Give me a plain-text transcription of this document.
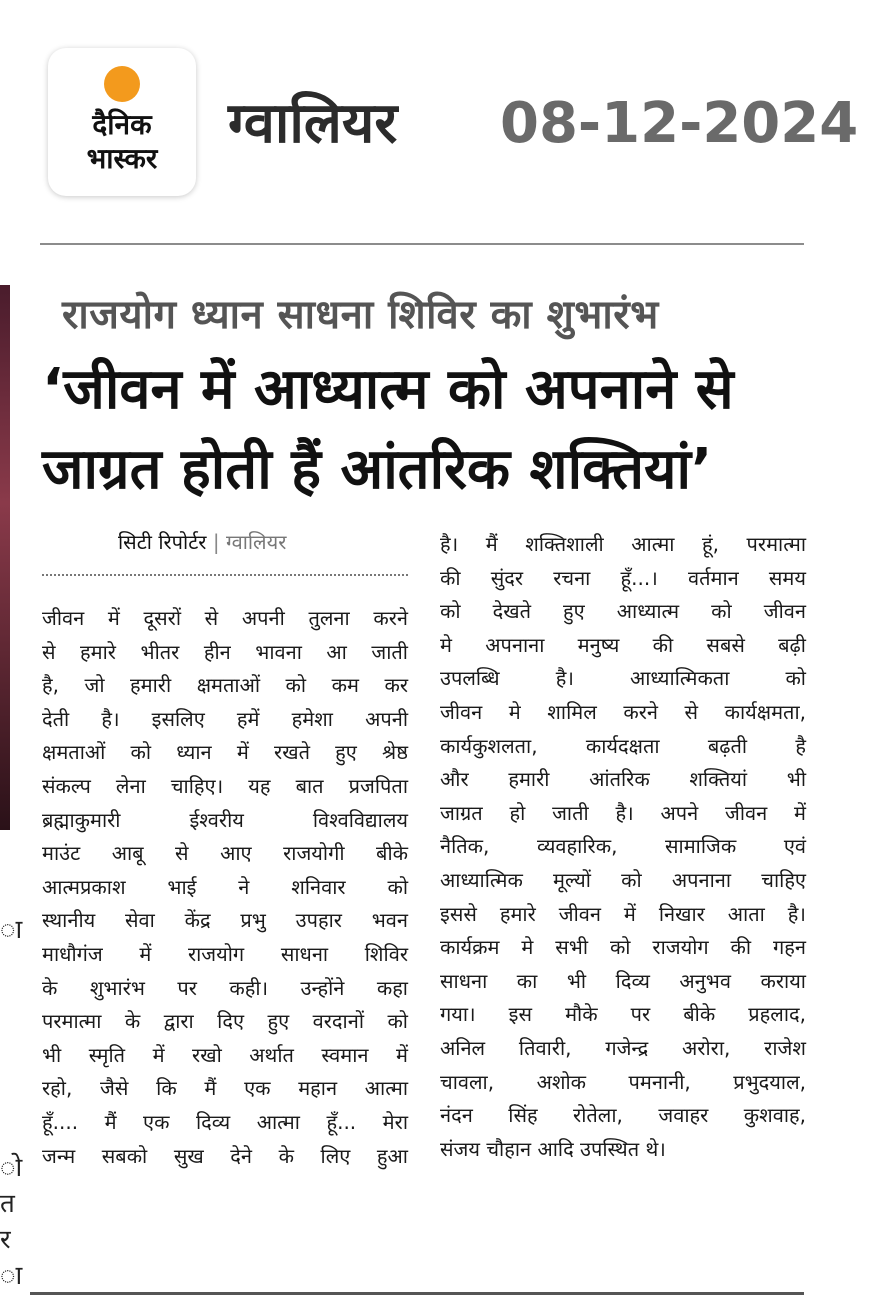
दैनिक
भास्कर
ग्वालियर 08-12-2024
ा
ो
त
र
ा
राजयोग ध्यान साधना शिविर का शुभारंभ
‘जीवन में आध्यात्म को अपनाने से
जाग्रत होती हैं आंतरिक शक्तियां’
सिटी रिपोर्टर | ग्वालियर
जीवन में दूसरों से अपनी तुलना करने
से हमारे भीतर हीन भावना आ जाती
है, जो हमारी क्षमताओं को कम कर
देती है। इसलिए हमें हमेशा अपनी
क्षमताओं को ध्यान में रखते हुए श्रेष्ठ
संकल्प लेना चाहिए। यह बात प्रजपिता
ब्रह्माकुमारी ईश्वरीय विश्वविद्यालय
माउंट आबू से आए राजयोगी बीके
आत्मप्रकाश भाई ने शनिवार को
स्थानीय सेवा केंद्र प्रभु उपहार भवन
माधौगंज में राजयोग साधना शिविर
के शुभारंभ पर कही। उन्होंने कहा
परमात्मा के द्वारा दिए हुए वरदानों को
भी स्मृति में रखो अर्थात स्वमान में
रहो, जैसे कि मैं एक महान आत्मा
हूँ.... मैं एक दिव्य आत्मा हूँ... मेरा
जन्म सबको सुख देने के लिए हुआ
है। मैं शक्तिशाली आत्मा हूं, परमात्मा
की सुंदर रचना हूँ...। वर्तमान समय
को देखते हुए आध्यात्म को जीवन
मे अपनाना मनुष्य की सबसे बढ़ी
उपलब्धि है। आध्यात्मिकता को
जीवन मे शामिल करने से कार्यक्षमता,
कार्यकुशलता, कार्यदक्षता बढ़ती है
और हमारी आंतरिक शक्तियां भी
जाग्रत हो जाती है। अपने जीवन में
नैतिक, व्यवहारिक, सामाजिक एवं
आध्यात्मिक मूल्यों को अपनाना चाहिए
इससे हमारे जीवन में निखार आता है।
कार्यक्रम मे सभी को राजयोग की गहन
साधना का भी दिव्य अनुभव कराया
गया। इस मौके पर बीके प्रहलाद,
अनिल तिवारी, गजेन्द्र अरोरा, राजेश
चावला, अशोक पमनानी, प्रभुदयाल,
नंदन सिंह रोतेला, जवाहर कुशवाह,
संजय चौहान आदि उपस्थित थे।
